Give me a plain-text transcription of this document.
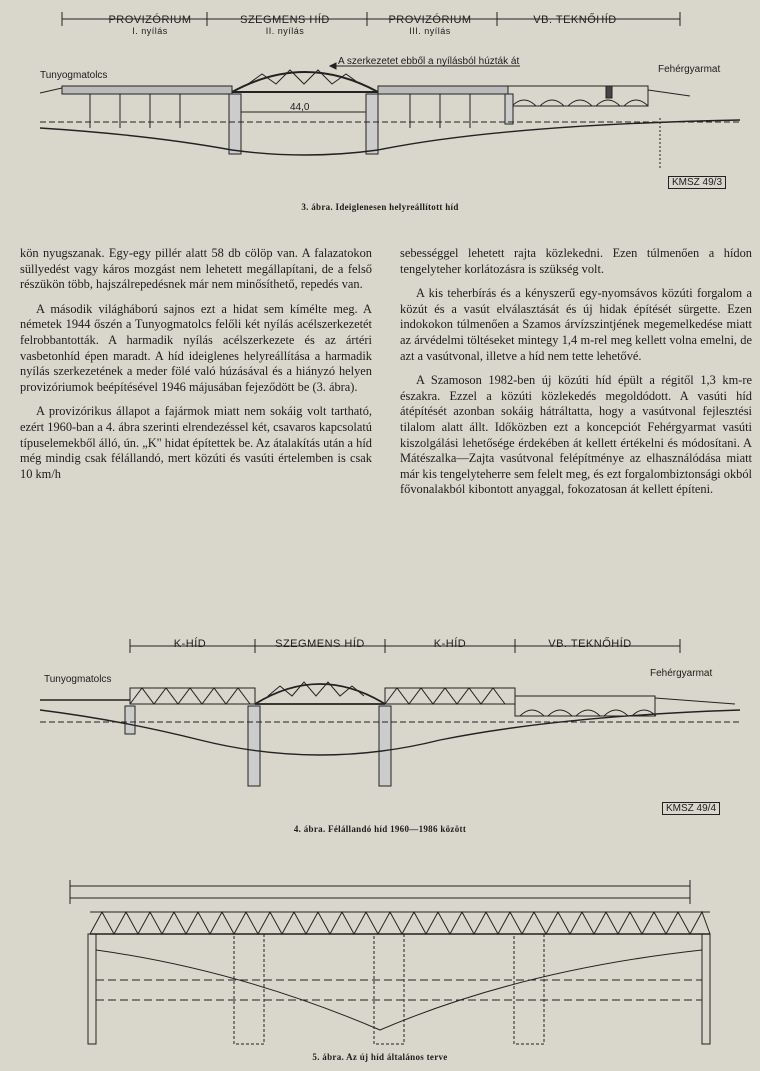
PROVIZÓRIUM
I. nyílás
SZEGMENS HÍD
II. nyílás
PROVIZÓRIUM
III. nyílás
VB. TEKNŐHÍD
A szerkezetet ebből a nyílásból húzták át
Tunyogmatolcs
Fehérgyarmat
44,0
KMSZ 49/3
3. ábra. Ideiglenesen helyreállított híd

kön nyugszanak. Egy-egy pillér alatt 58 db cölöp van. A falazatokon süllyedést vagy káros mozgást nem lehetett megállapítani, de a felső részükön több, hajszálrepedésnek már nem minősíthető, repedés van.

A második világháború sajnos ezt a hidat sem kímélte meg. A németek 1944 őszén a Tunyogmatolcs felőli két nyílás acélszerkezetét felrobbantották. A harmadik nyílás acélszerkezete és az ártéri vasbetonhíd épen maradt. A híd ideiglenes helyreállítása a harmadik nyílás szerkezetének a meder fölé való húzásával és a hiányzó helyen provizóriumok beépítésével 1946 májusában fejeződött be (3. ábra).

A provizórikus állapot a fajármok miatt nem sokáig volt tartható, ezért 1960-ban a 4. ábra szerinti elrendezéssel két, csavaros kapcsolatú típuselemekből álló, ún. „K" hidat építettek be. Az átalakítás után a híd még mindig csak félállandó, mert közúti és vasúti értelemben is csak 10 km/h

sebességgel lehetett rajta közlekedni. Ezen túlmenően a hídon tengelyteher korlátozásra is szükség volt.

A kis teherbírás és a kényszerű egy-nyomsávos közúti forgalom a közút és a vasút elválasztását és új hidak építését sürgette. Ezen indokokon túlmenően a Szamos árvízszintjének megemelkedése miatt az árvédelmi töltéseket mintegy 1,4 m-rel meg kellett volna emelni, de azt a vasútvonal, illetve a híd nem tette lehetővé.

A Szamoson 1982-ben új közúti híd épült a régitől 1,3 km-re északra. Ezzel a közúti közlekedés megoldódott. A vasúti híd átépítését azonban sokáig hátráltatta, hogy a vasútvonal fejlesztési tilalom alatt állt. Időközben ezt a koncepciót Fehérgyarmat vasúti kiszolgálási lehetősége érdekében át kellett értékelni és módosítani. A Mátészalka—Zajta vasútvonal felépítménye az elhasználódása miatt már kis tengelyteherre sem felelt meg, és ezt forgalombiztonsági okból fővonalakból kibontott anyaggal, fokozatosan át kellett építeni.

K-HÍD	SZEGMENS HÍD	K-HÍD	VB. TEKNŐHÍD
Tunyogmatolcs
Fehérgyarmat
KMSZ 49/4
4. ábra. Félállandó híd 1960—1986 között
5. ábra. Az új híd általános terve
